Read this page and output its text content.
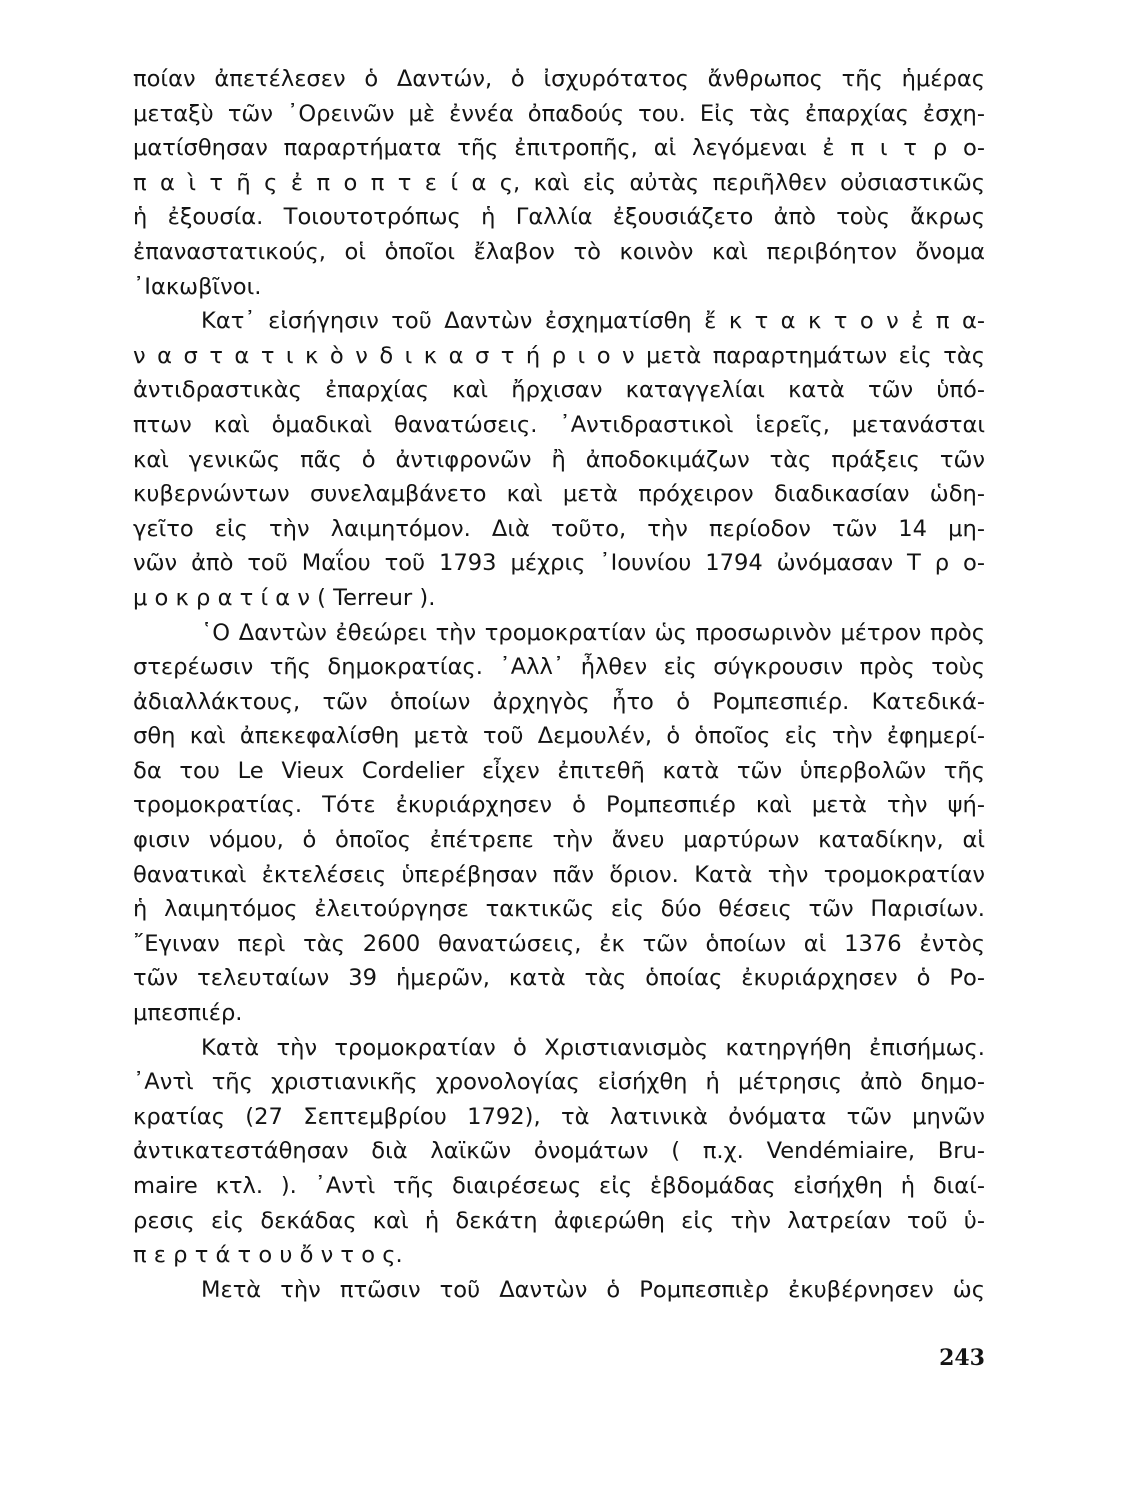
ποίαν ἀπετέλεσεν ὁ Δαντών, ὁ ἰσχυρότατος ἄνθρωπος τῆς ἡμέρας
μεταξὺ τῶν ᾿Ορεινῶν μὲ ἐννέα ὀπαδούς του. Εἰς τὰς ἐπαρχίας ἐσχη-
ματίσθησαν παραρτήματα τῆς ἐπιτροπῆς, αἱ λεγόμεναι ἐ π ι τ ρ ο-
π α ὶ τ ῆ ς ἐ π ο π τ ε ί α ς, καὶ εἰς αὐτὰς περιῆλθεν οὐσιαστικῶς
ἡ ἐξουσία. Τοιουτοτρόπως ἡ Γαλλία ἐξουσιάζετο ἀπὸ τοὺς ἄκρως
ἐπαναστατικούς, οἱ ὁποῖοι ἔλαβον τὸ κοινὸν καὶ περιβόητον ὄνομα
᾿Ιακωβῖνοι.
Κατ᾿ εἰσήγησιν τοῦ Δαντὼν ἐσχηματίσθη ἔ κ τ α κ τ ο ν ἐ π α-
ν α σ τ α τ ι κ ὸ ν δ ι κ α σ τ ή ρ ι ο ν μετὰ παραρτημάτων εἰς τὰς
ἀντιδραστικὰς ἐπαρχίας καὶ ἤρχισαν καταγγελίαι κατὰ τῶν ὑπό-
πτων καὶ ὁμαδικαὶ θανατώσεις. ᾿Αντιδραστικοὶ ἱερεῖς, μετανάσται
καὶ γενικῶς πᾶς ὁ ἀντιφρονῶν ἢ ἀποδοκιμάζων τὰς πράξεις τῶν
κυβερνώντων συνελαμβάνετο καὶ μετὰ πρόχειρον διαδικασίαν ὡδη-
γεῖτο εἰς τὴν λαιμητόμον. Διὰ τοῦτο, τὴν περίοδον τῶν 14 μη-
νῶν ἀπὸ τοῦ Μαΐου τοῦ 1793 μέχρις ᾿Ιουνίου 1794 ὠνόμασαν Τ ρ ο-
μ ο κ ρ α τ ί α ν ( Terreur ).
῾Ο Δαντὼν ἐθεώρει τὴν τρομοκρατίαν ὡς προσωρινὸν μέτρον πρὸς
στερέωσιν τῆς δημοκρατίας. ᾿Αλλ᾿ ἦλθεν εἰς σύγκρουσιν πρὸς τοὺς
ἀδιαλλάκτους, τῶν ὁποίων ἀρχηγὸς ἦτο ὁ Ρομπεσπιέρ. Κατεδικά-
σθη καὶ ἀπεκεφαλίσθη μετὰ τοῦ Δεμουλέν, ὁ ὁποῖος εἰς τὴν ἐφημερί-
δα του Le Vieux Cordelier εἶχεν ἐπιτεθῆ κατὰ τῶν ὑπερβολῶν τῆς
τρομοκρατίας. Τότε ἐκυριάρχησεν ὁ Ρομπεσπιέρ καὶ μετὰ τὴν ψή-
φισιν νόμου, ὁ ὁποῖος ἐπέτρεπε τὴν ἄνευ μαρτύρων καταδίκην, αἱ
θανατικαὶ ἐκτελέσεις ὑπερέβησαν πᾶν ὅριον. Κατὰ τὴν τρομοκρατίαν
ἡ λαιμητόμος ἐλειτούργησε τακτικῶς εἰς δύο θέσεις τῶν Παρισίων.
῎Εγιναν περὶ τὰς 2600 θανατώσεις, ἐκ τῶν ὁποίων αἱ 1376 ἐντὸς
τῶν τελευταίων 39 ἡμερῶν, κατὰ τὰς ὁποίας ἐκυριάρχησεν ὁ Ρο-
μπεσπιέρ.
Κατὰ τὴν τρομοκρατίαν ὁ Χριστιανισμὸς κατηργήθη ἐπισήμως.
᾿Αντὶ τῆς χριστιανικῆς χρονολογίας εἰσήχθη ἡ μέτρησις ἀπὸ δημο-
κρατίας (27 Σεπτεμβρίου 1792), τὰ λατινικὰ ὀνόματα τῶν μηνῶν
ἀντικατεστάθησαν διὰ λαϊκῶν ὀνομάτων ( π.χ. Vendémiaire, Bru-
maire κτλ. ). ᾿Αντὶ τῆς διαιρέσεως εἰς ἑβδομάδας εἰσήχθη ἡ διαί-
ρεσις εἰς δεκάδας καὶ ἡ δεκάτη ἀφιερώθη εἰς τὴν λατρείαν τοῦ ὑ-
π ε ρ τ ά τ ο υ ὄ ν τ ο ς.
Μετὰ τὴν πτῶσιν τοῦ Δαντὼν ὁ Ρομπεσπιὲρ ἐκυβέρνησεν ὡς
243
